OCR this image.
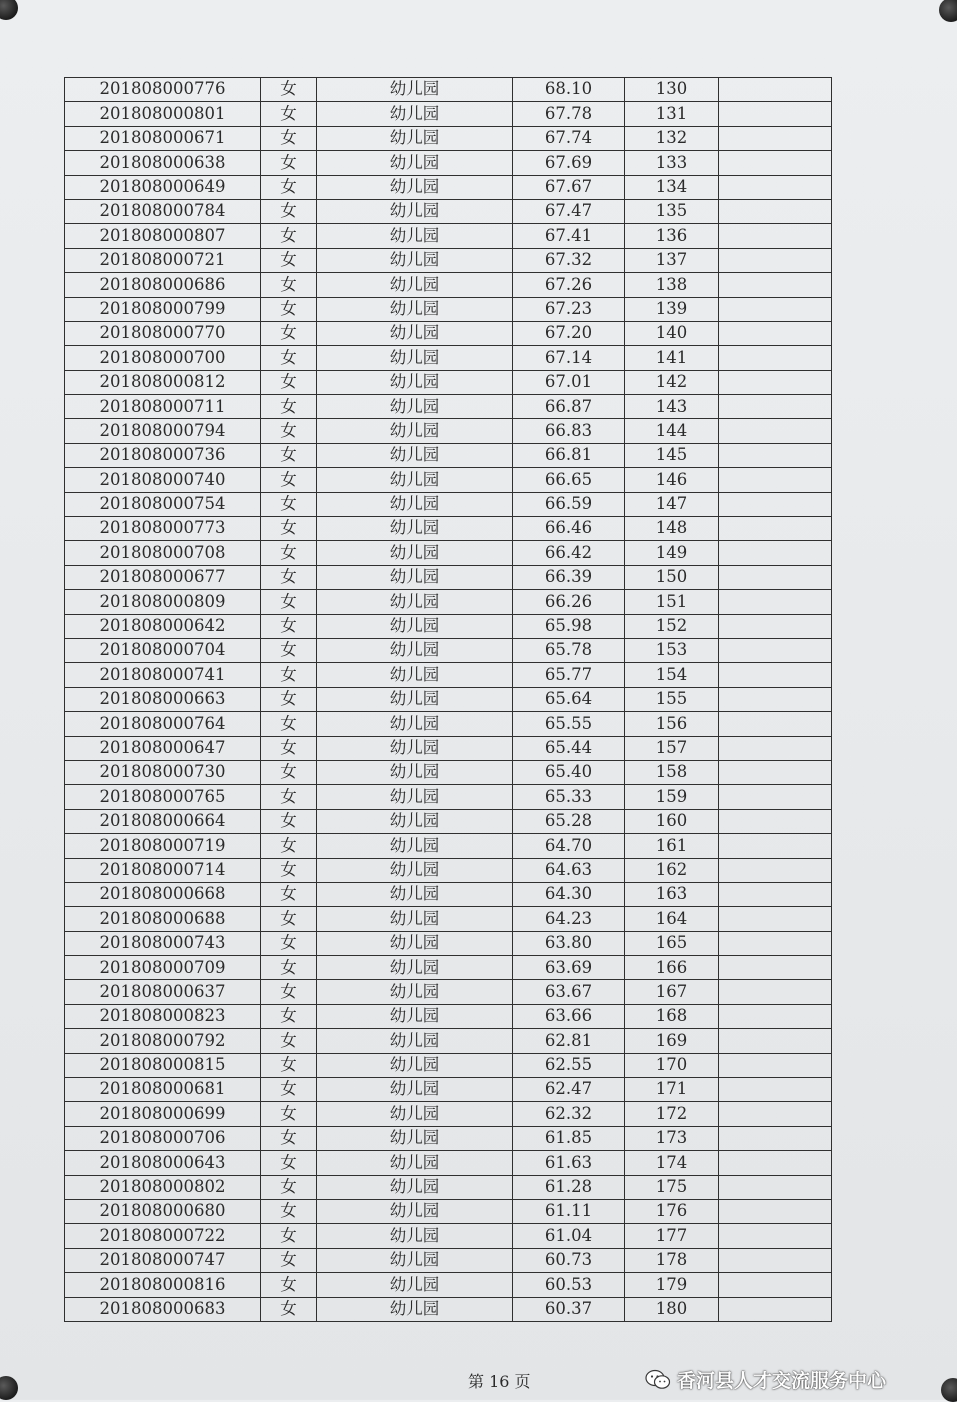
201808000776	女	幼儿园	68.10	130	
201808000801	女	幼儿园	67.78	131	
201808000671	女	幼儿园	67.74	132	
201808000638	女	幼儿园	67.69	133	
201808000649	女	幼儿园	67.67	134	
201808000784	女	幼儿园	67.47	135	
201808000807	女	幼儿园	67.41	136	
201808000721	女	幼儿园	67.32	137	
201808000686	女	幼儿园	67.26	138	
201808000799	女	幼儿园	67.23	139	
201808000770	女	幼儿园	67.20	140	
201808000700	女	幼儿园	67.14	141	
201808000812	女	幼儿园	67.01	142	
201808000711	女	幼儿园	66.87	143	
201808000794	女	幼儿园	66.83	144	
201808000736	女	幼儿园	66.81	145	
201808000740	女	幼儿园	66.65	146	
201808000754	女	幼儿园	66.59	147	
201808000773	女	幼儿园	66.46	148	
201808000708	女	幼儿园	66.42	149	
201808000677	女	幼儿园	66.39	150	
201808000809	女	幼儿园	66.26	151	
201808000642	女	幼儿园	65.98	152	
201808000704	女	幼儿园	65.78	153	
201808000741	女	幼儿园	65.77	154	
201808000663	女	幼儿园	65.64	155	
201808000764	女	幼儿园	65.55	156	
201808000647	女	幼儿园	65.44	157	
201808000730	女	幼儿园	65.40	158	
201808000765	女	幼儿园	65.33	159	
201808000664	女	幼儿园	65.28	160	
201808000719	女	幼儿园	64.70	161	
201808000714	女	幼儿园	64.63	162	
201808000668	女	幼儿园	64.30	163	
201808000688	女	幼儿园	64.23	164	
201808000743	女	幼儿园	63.80	165	
201808000709	女	幼儿园	63.69	166	
201808000637	女	幼儿园	63.67	167	
201808000823	女	幼儿园	63.66	168	
201808000792	女	幼儿园	62.81	169	
201808000815	女	幼儿园	62.55	170	
201808000681	女	幼儿园	62.47	171	
201808000699	女	幼儿园	62.32	172	
201808000706	女	幼儿园	61.85	173	
201808000643	女	幼儿园	61.63	174	
201808000802	女	幼儿园	61.28	175	
201808000680	女	幼儿园	61.11	176	
201808000722	女	幼儿园	61.04	177	
201808000747	女	幼儿园	60.73	178	
201808000816	女	幼儿园	60.53	179	
201808000683	女	幼儿园	60.37	180	
第 16 页	香河县人才交流服务中心
